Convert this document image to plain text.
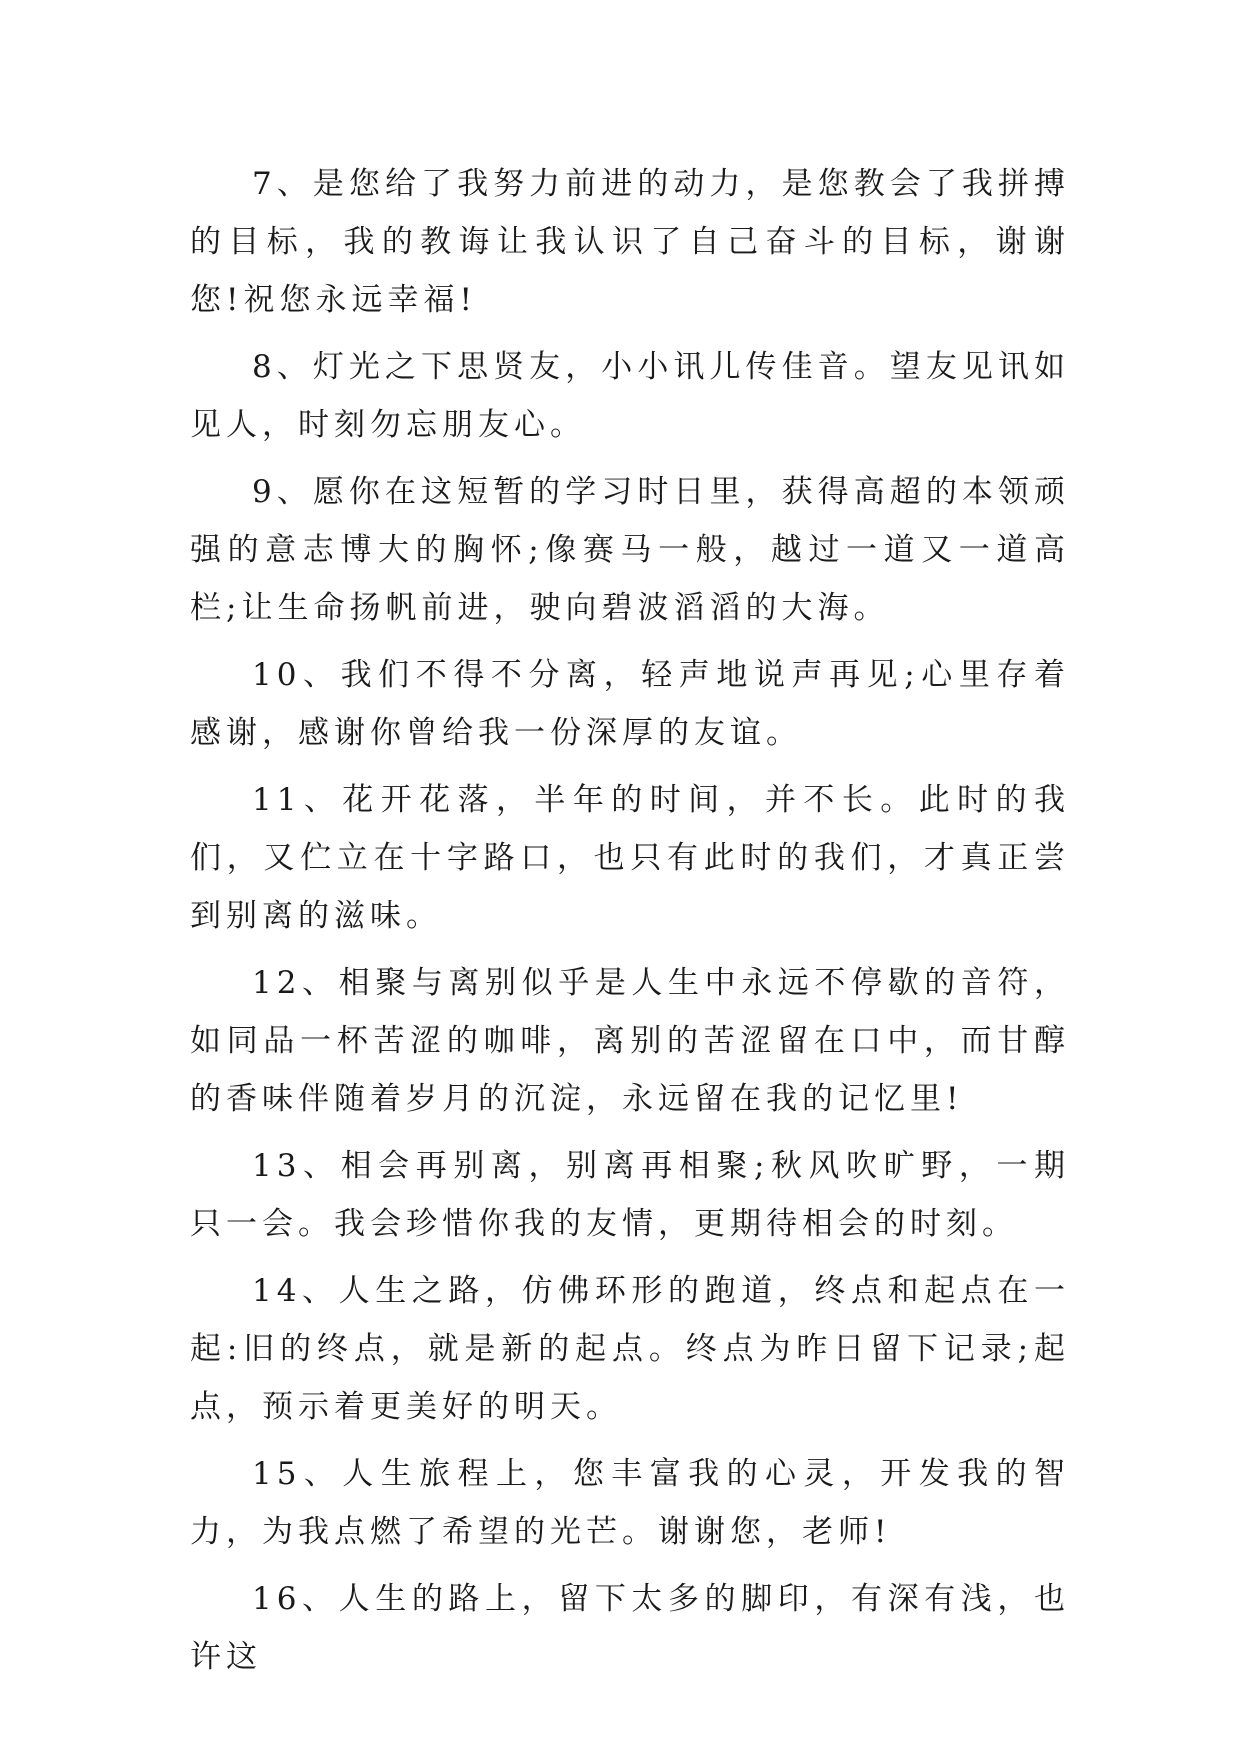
7、是您给了我努力前进的动力，是您教会了我拼搏的目标，我的教诲让我认识了自己奋斗的目标，谢谢您!祝您永远幸福!

8、灯光之下思贤友，小小讯儿传佳音。望友见讯如见人，时刻勿忘朋友心。

9、愿你在这短暂的学习时日里，获得高超的本领顽强的意志博大的胸怀;像赛马一般，越过一道又一道高栏;让生命扬帆前进，驶向碧波滔滔的大海。

10、我们不得不分离，轻声地说声再见;心里存着感谢，感谢你曾给我一份深厚的友谊。

11、花开花落，半年的时间，并不长。此时的我们，又伫立在十字路口，也只有此时的我们，才真正尝到别离的滋味。

12、相聚与离别似乎是人生中永远不停歇的音符，如同品一杯苦涩的咖啡，离别的苦涩留在口中，而甘醇的香味伴随着岁月的沉淀，永远留在我的记忆里!

13、相会再别离，别离再相聚;秋风吹旷野，一期只一会。我会珍惜你我的友情，更期待相会的时刻。

14、人生之路，仿佛环形的跑道，终点和起点在一起:旧的终点，就是新的起点。终点为昨日留下记录;起点，预示着更美好的明天。

15、人生旅程上，您丰富我的心灵，开发我的智力，为我点燃了希望的光芒。谢谢您，老师!

16、人生的路上，留下太多的脚印，有深有浅，也许这
